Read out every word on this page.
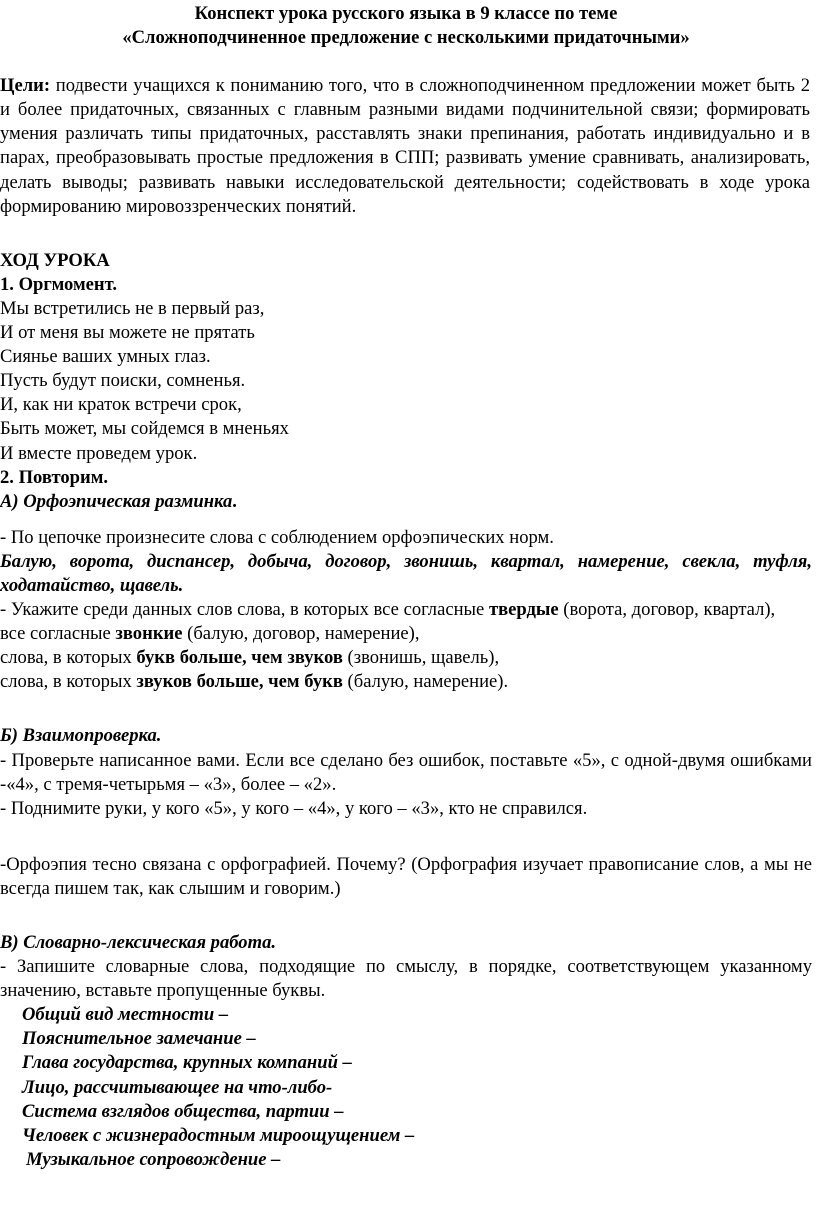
Конспект урока русского языка в 9 классе по теме
«Сложноподчиненное предложение с несколькими придаточными»

Цели: подвести учащихся к пониманию того, что в сложноподчиненном предложении может быть 2 и более придаточных, связанных с главным разными видами подчинительной связи; формировать умения различать типы придаточных, расставлять знаки препинания, работать индивидуально и в парах, преобразовывать простые предложения в СПП; развивать умение сравнивать, анализировать, делать выводы; развивать навыки исследовательской деятельности; содействовать в ходе урока формированию мировоззренческих понятий.

ХОД УРОКА

1. Оргмомент.

Мы встретились не в первый раз,

И от меня вы можете не прятать

Сиянье ваших умных глаз.

Пусть будут поиски, сомненья.

И, как ни краток встречи срок,

Быть может, мы сойдемся в мненьях

И вместе проведем урок.

2. Повторим.

А) Орфоэпическая разминка.

- По цепочке произнесите слова с соблюдением орфоэпических норм.

Балую, ворота, диспансер, добыча, договор, звонишь, квартал, намерение, свекла, туфля, ходатайство, щавель.

- Укажите среди данных слов слова, в которых все согласные твердые (ворота, договор, квартал),

все согласные звонкие (балую, договор, намерение),

слова, в которых букв больше, чем звуков (звонишь, щавель),

слова, в которых звуков больше, чем букв (балую, намерение).

Б) Взаимопроверка.

- Проверьте написанное вами. Если все сделано без ошибок, поставьте «5», с одной-двумя ошибками -«4», с тремя-четырьмя – «3», более – «2».

- Поднимите руки, у кого «5», у кого – «4», у кого – «3», кто не справился.

-Орфоэпия тесно связана с орфографией. Почему? (Орфография изучает правописание слов, а мы не всегда пишем так, как слышим и говорим.)

В) Словарно-лексическая работа.

- Запишите словарные слова, подходящие по смыслу, в порядке, соответствующем указанному значению, вставьте пропущенные буквы.

Общий вид местности –

Пояснительное замечание –

Глава государства, крупных компаний –

Лицо, рассчитывающее на что-либо-

Система взглядов общества, партии –

Человек с жизнерадостным мироощущением –

Музыкальное сопровождение –
